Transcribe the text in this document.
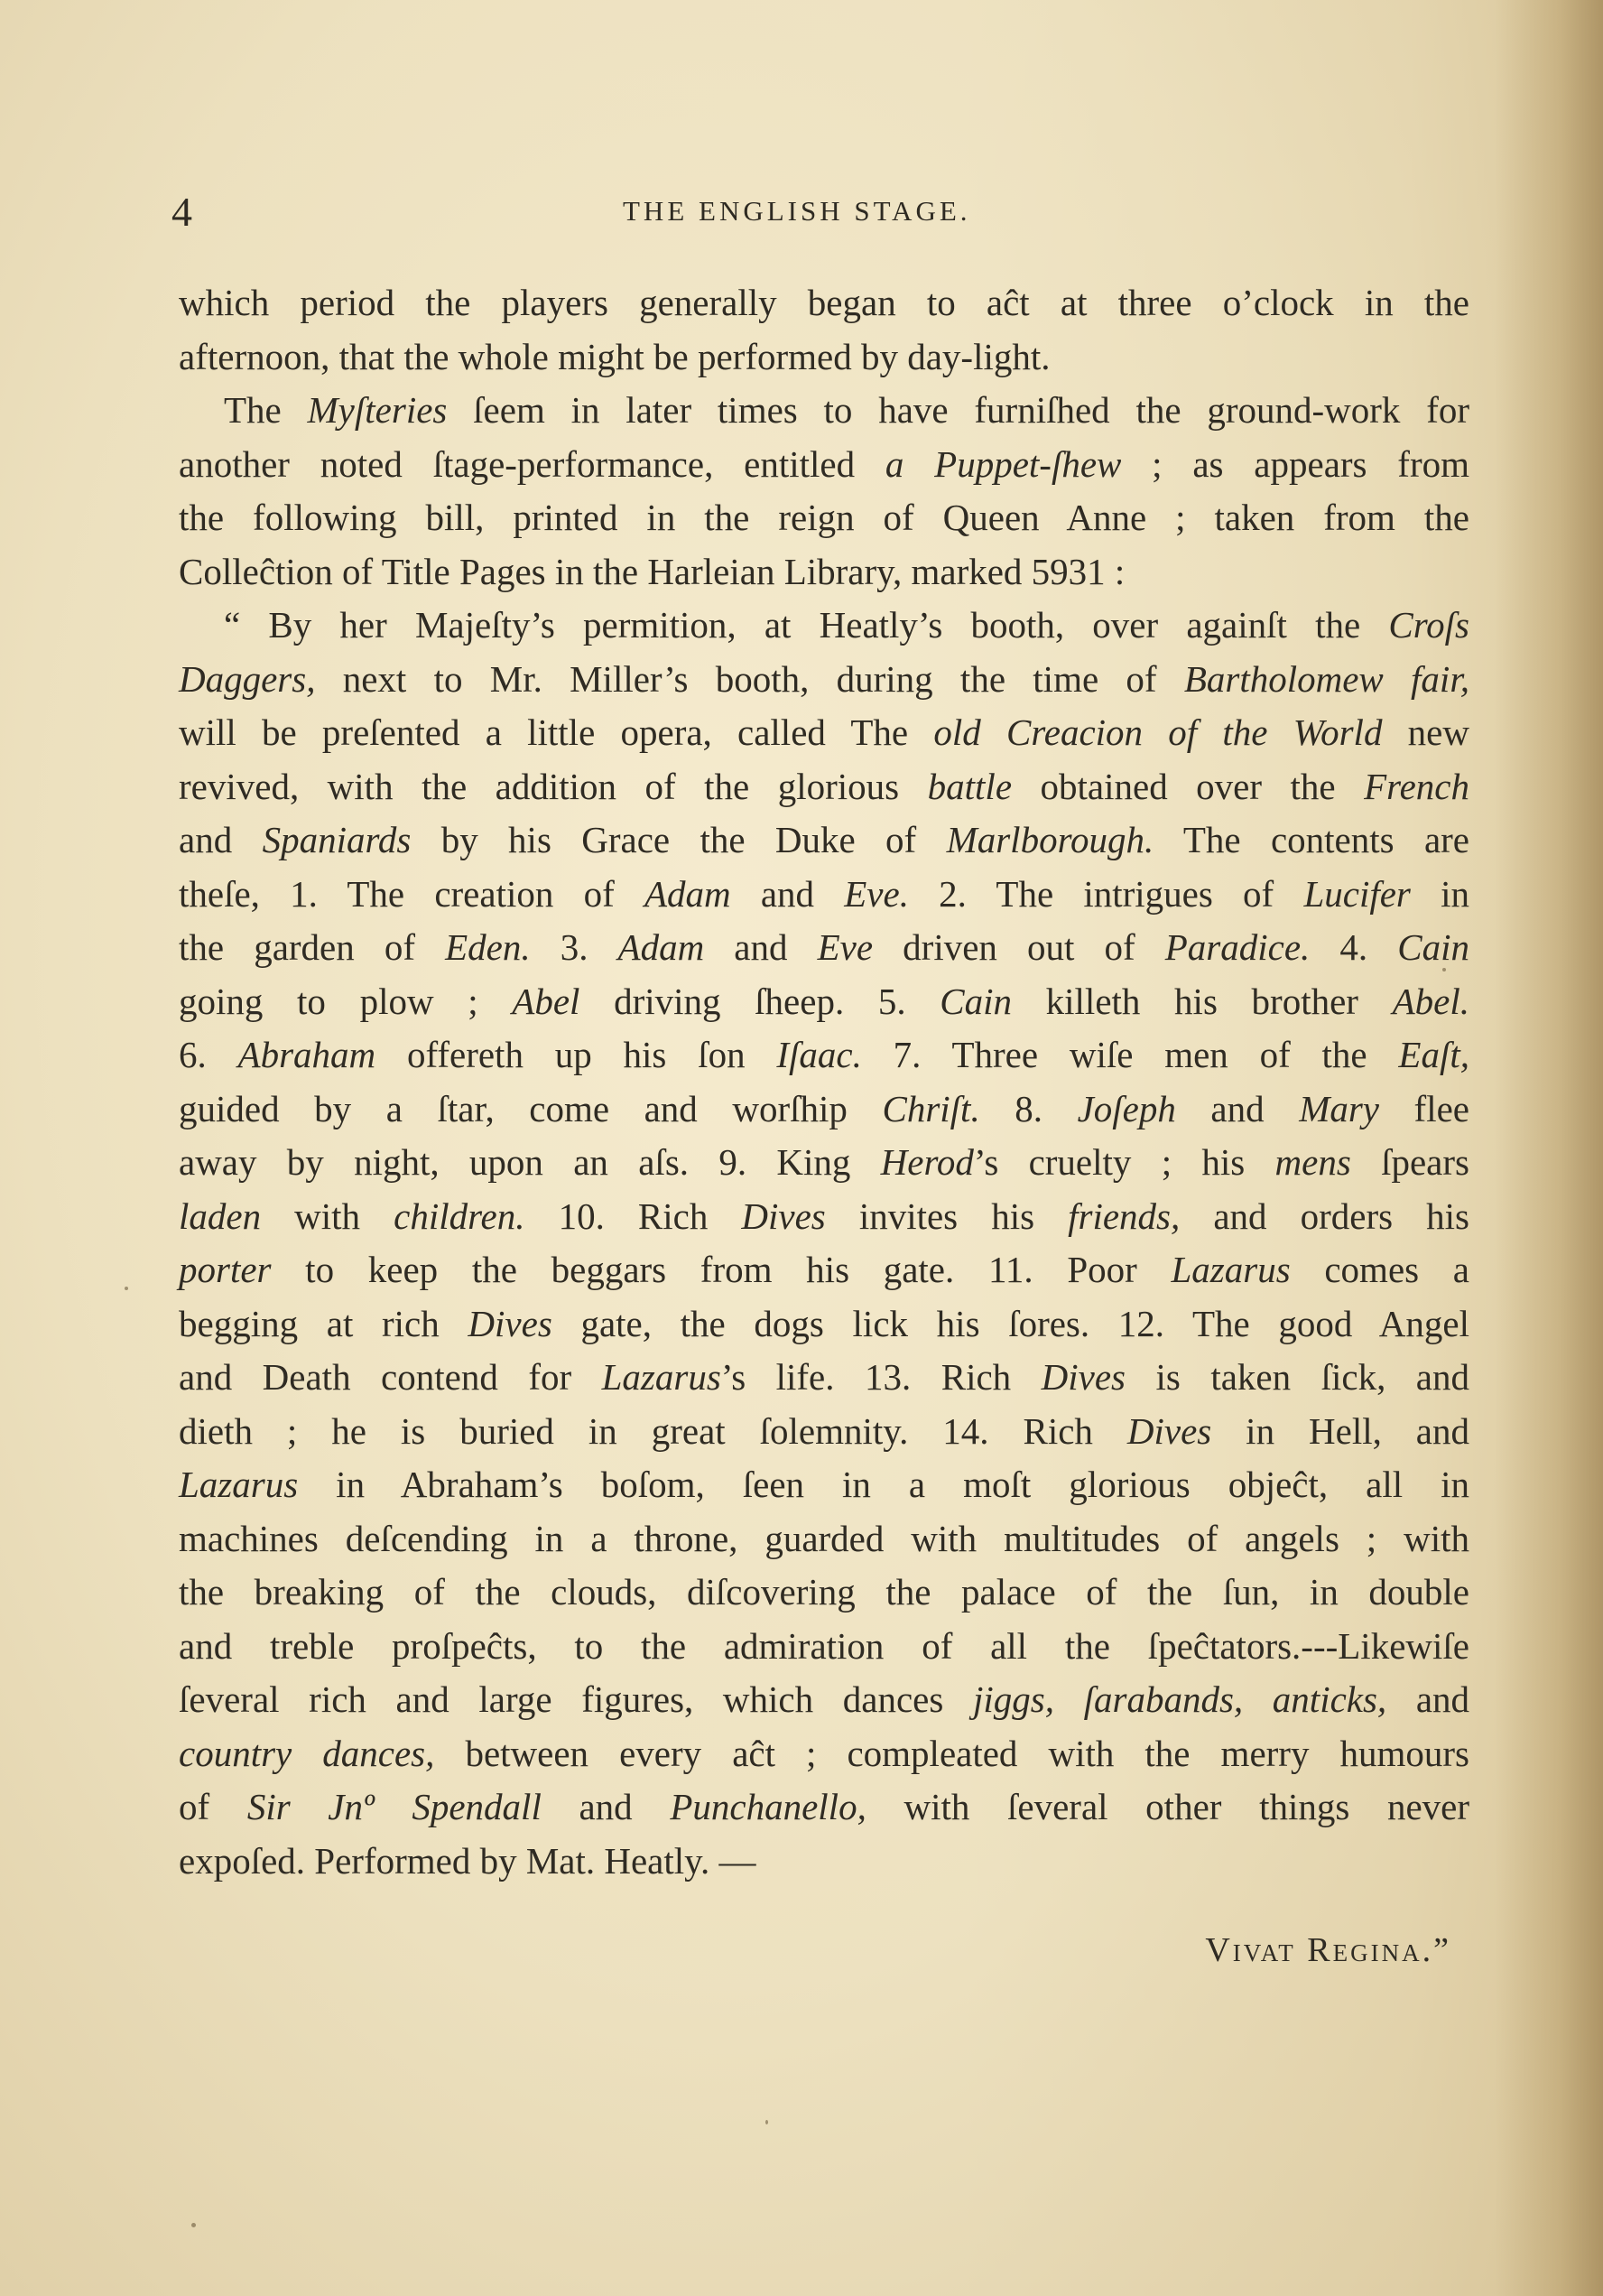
4	THE ENGLISH STAGE.
which period the players generally began to aĉt at three o’clock in the
afternoon, that the whole might be performed by day-light.
The Myſteries ſeem in later times to have furniſhed the ground-work for
another noted ſtage-performance, entitled a Puppet-ſhew ; as appears from
the following bill, printed in the reign of Queen Anne ; taken from the
Colleĉtion of Title Pages in the Harleian Library, marked 5931 :
“ By her Majeſty’s permition, at Heatly’s booth, over againſt the Croſs
Daggers, next to Mr. Miller’s booth, during the time of Bartholomew fair,
will be preſented a little opera, called The old Creacion of the World new
revived, with the addition of the glorious battle obtained over the French
and Spaniards by his Grace the Duke of Marlborough. The contents are
theſe, 1. The creation of Adam and Eve. 2. The intrigues of Lucifer in
the garden of Eden. 3. Adam and Eve driven out of Paradice. 4. Cain
going to plow ; Abel driving ſheep. 5. Cain killeth his brother Abel.
6. Abraham offereth up his ſon Iſaac. 7. Three wiſe men of the Eaſt,
guided by a ſtar, come and worſhip Chriſt. 8. Joſeph and Mary flee
away by night, upon an aſs. 9. King Herod’s cruelty ; his mens ſpears
laden with children. 10. Rich Dives invites his friends, and orders his
porter to keep the beggars from his gate. 11. Poor Lazarus comes a
begging at rich Dives gate, the dogs lick his ſores. 12. The good Angel
and Death contend for Lazarus’s life. 13. Rich Dives is taken ſick, and
dieth ; he is buried in great ſolemnity. 14. Rich Dives in Hell, and
Lazarus in Abraham’s boſom, ſeen in a moſt glorious objeĉt, all in
machines deſcending in a throne, guarded with multitudes of angels ; with
the breaking of the clouds, diſcovering the palace of the ſun, in double
and treble proſpeĉts, to the admiration of all the ſpeĉtators.---Likewiſe
ſeveral rich and large figures, which dances jiggs, ſarabands, anticks, and
country dances, between every aĉt ; compleated with the merry humours
of Sir Jnº Spendall and Punchanello, with ſeveral other things never
expoſed. Performed by Mat. Heatly. —
Vivat Regina.”
